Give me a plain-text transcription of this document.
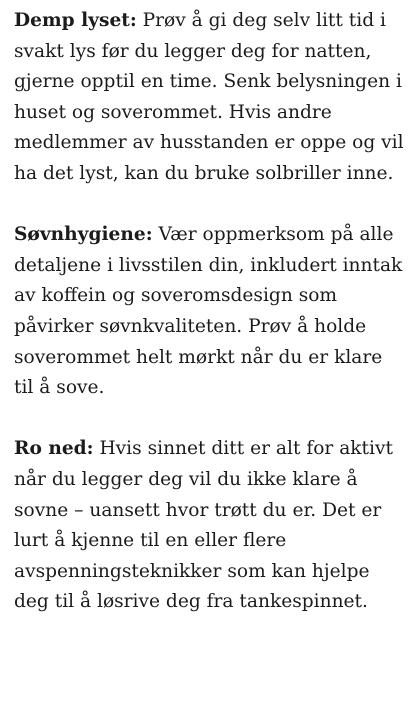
Demp lyset: Prøv å gi deg selv litt tid i svakt lys før du legger deg for natten, gjerne opptil en time. Senk belysningen i huset og soverommet. Hvis andre medlemmer av husstanden er oppe og vil ha det lyst, kan du bruke solbriller inne.

Søvnhygiene: Vær oppmerksom på alle detaljene i livsstilen din, inkludert inntak av koffein og soveromsdesign som påvirker søvnkvaliteten. Prøv å holde soverommet helt mørkt når du er klare til å sove.

Ro ned: Hvis sinnet ditt er alt for aktivt når du legger deg vil du ikke klare å sovne – uansett hvor trøtt du er. Det er lurt å kjenne til en eller flere avspenningsteknikker som kan hjelpe deg til å løsrive deg fra tankespinnet.
